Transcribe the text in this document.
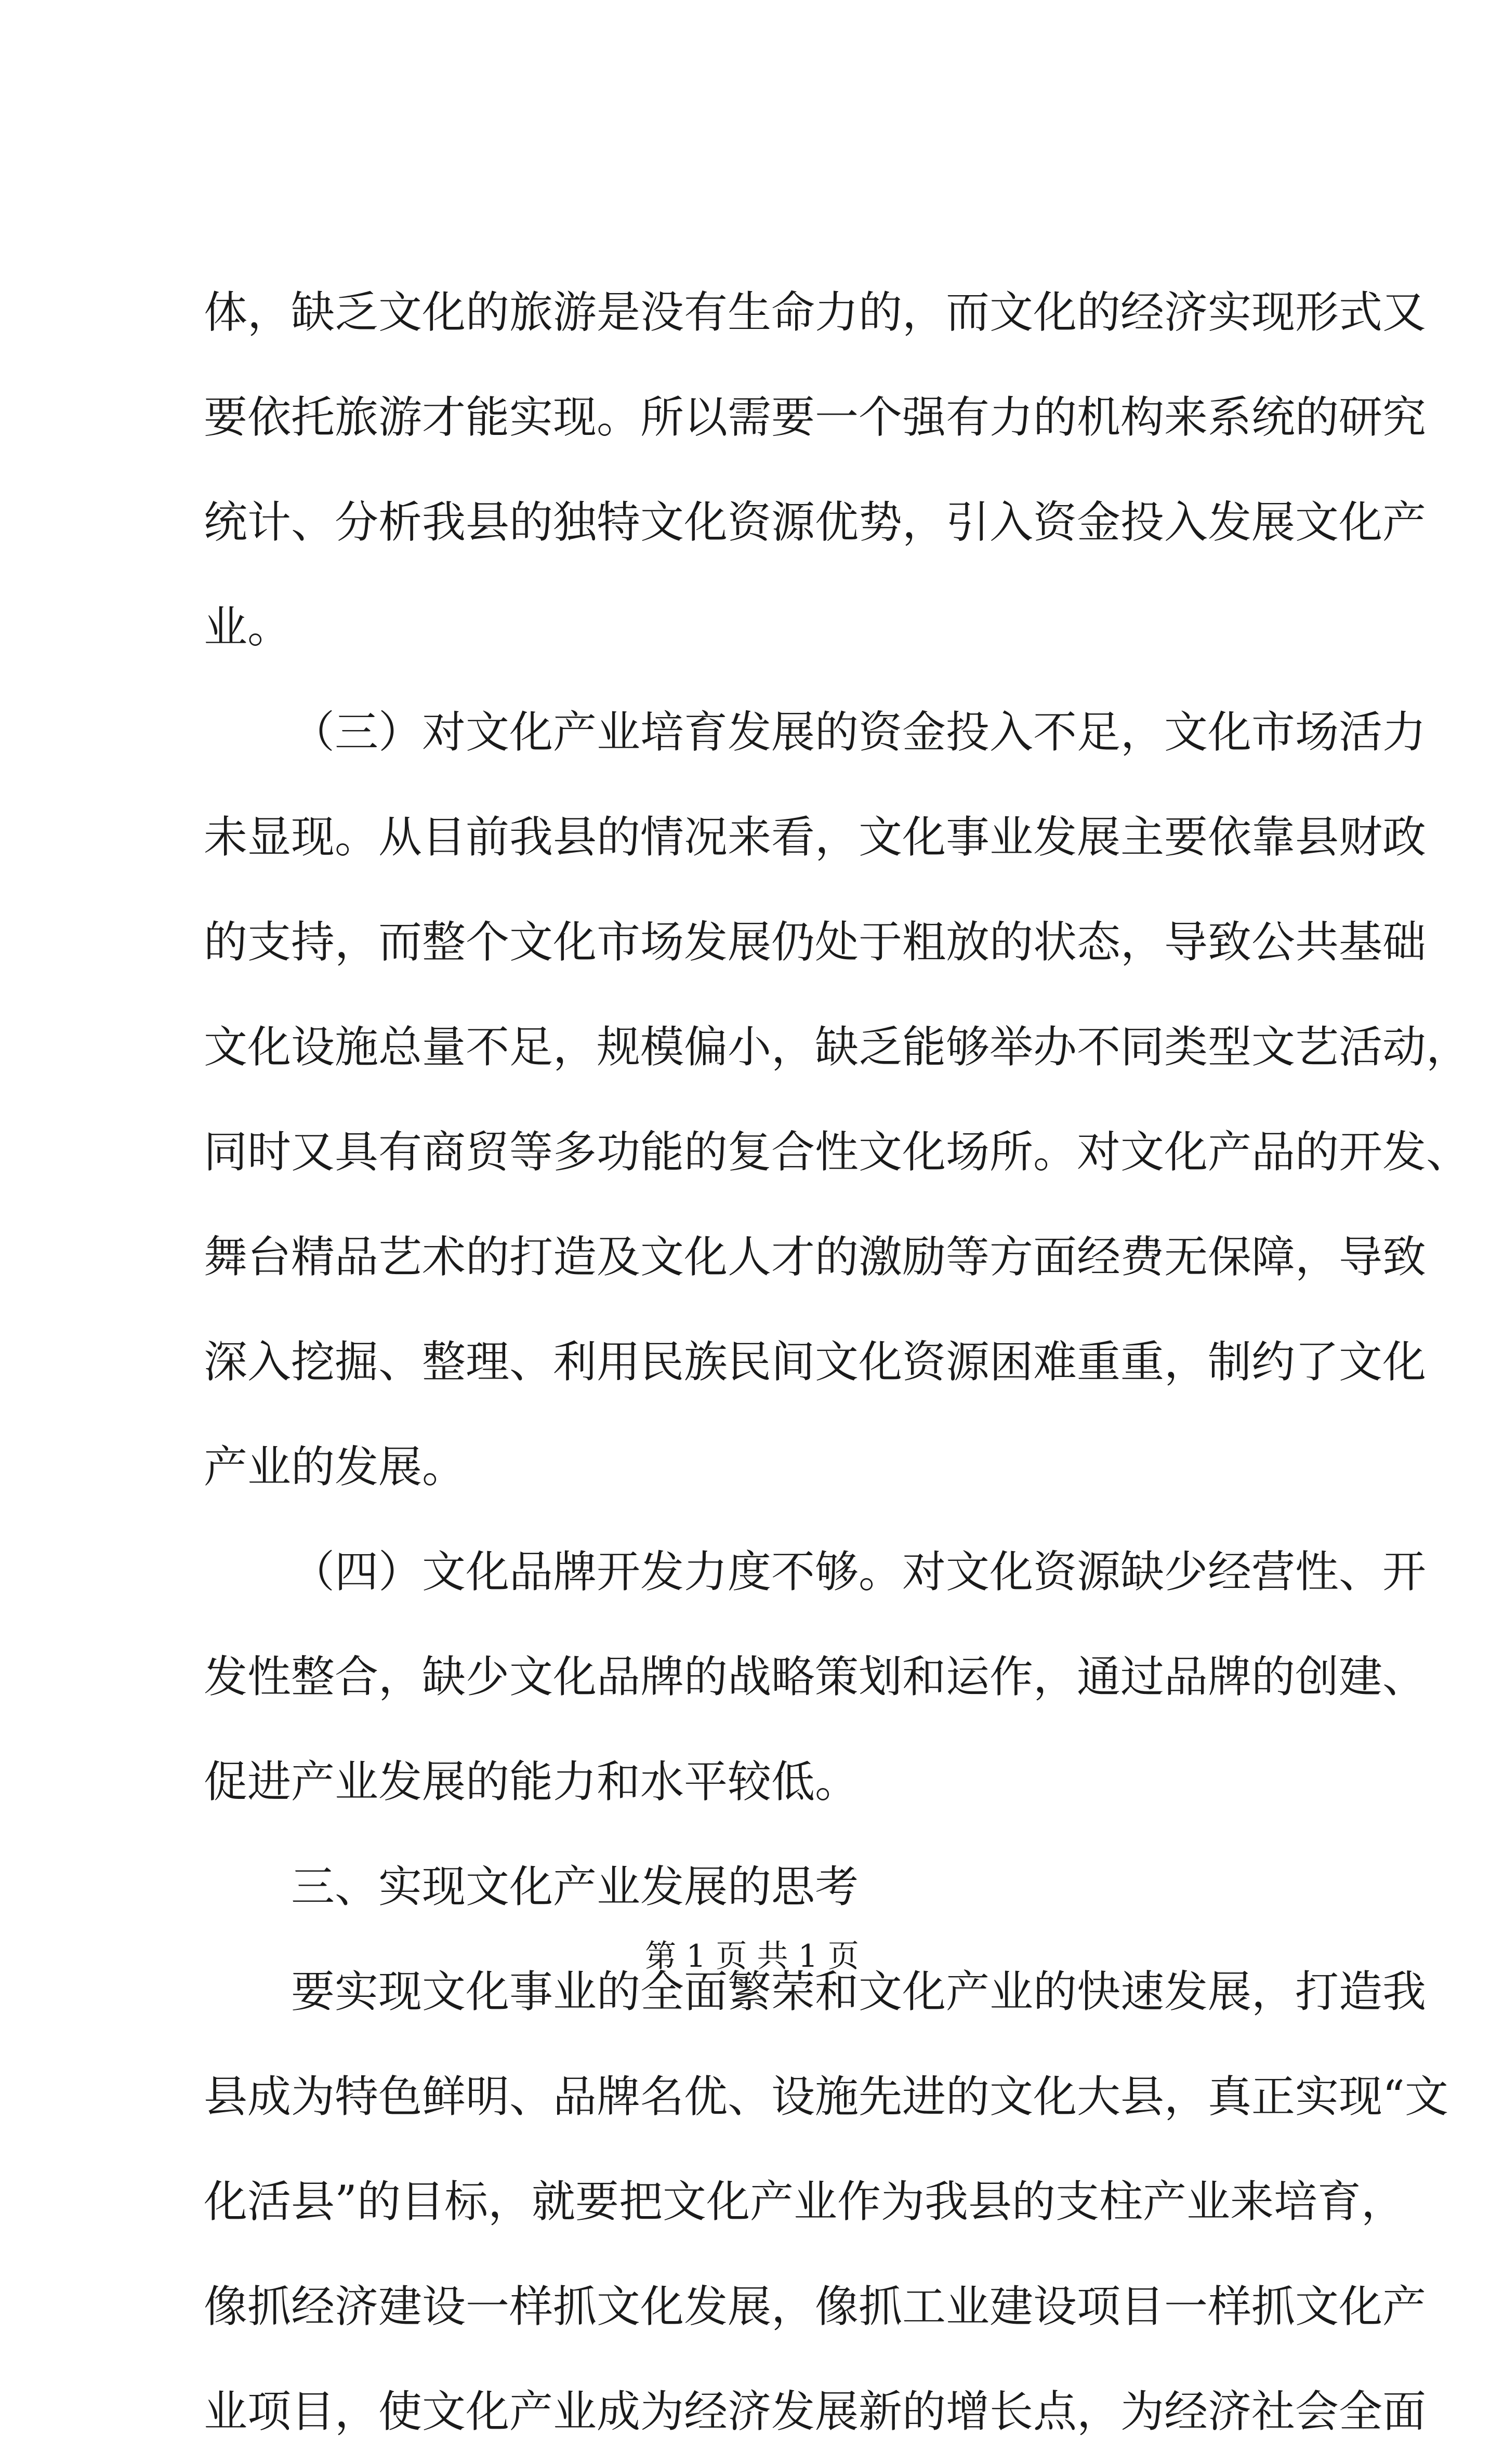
体，缺乏文化的旅游是没有生命力的，而文化的经济实现形式又
要依托旅游才能实现。所以需要一个强有力的机构来系统的研究
统计、分析我县的独特文化资源优势，引入资金投入发展文化产
业。
（三）对文化产业培育发展的资金投入不足，文化市场活力
未显现。从目前我县的情况来看，文化事业发展主要依靠县财政
的支持，而整个文化市场发展仍处于粗放的状态，导致公共基础
文化设施总量不足，规模偏小，缺乏能够举办不同类型文艺活动，
同时又具有商贸等多功能的复合性文化场所。对文化产品的开发、
舞台精品艺术的打造及文化人才的激励等方面经费无保障，导致
深入挖掘、整理、利用民族民间文化资源困难重重，制约了文化
产业的发展。
（四）文化品牌开发力度不够。对文化资源缺少经营性、开
发性整合，缺少文化品牌的战略策划和运作，通过品牌的创建、
促进产业发展的能力和水平较低。
三、实现文化产业发展的思考
要实现文化事业的全面繁荣和文化产业的快速发展，打造我
县成为特色鲜明、品牌名优、设施先进的文化大县，真正实现“文
化活县”的目标，就要把文化产业作为我县的支柱产业来培育，
像抓经济建设一样抓文化发展，像抓工业建设项目一样抓文化产
业项目，使文化产业成为经济发展新的增长点，为经济社会全面
第 1 页 共 1 页
